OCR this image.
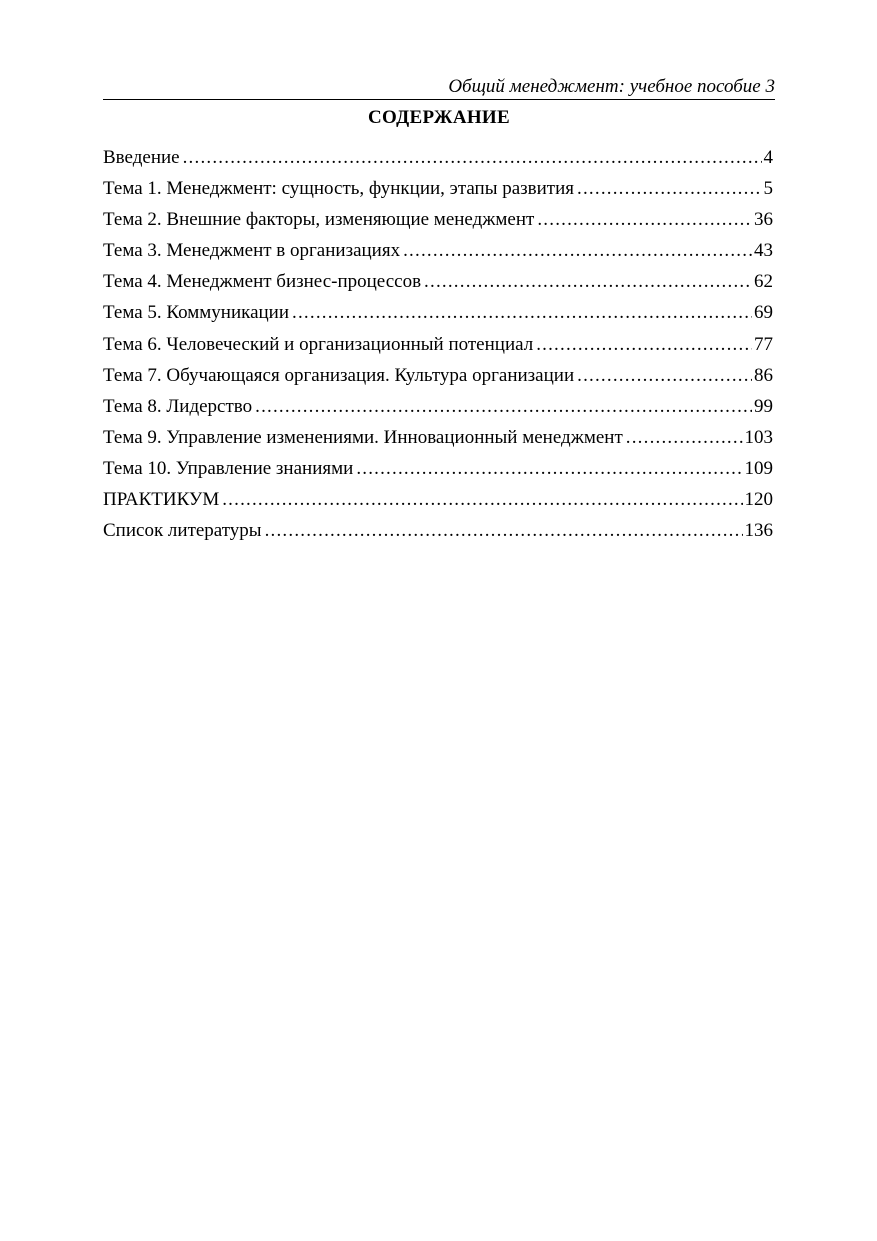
Общий менеджмент: учебное пособие 3
СОДЕРЖАНИЕ
Введение .....	4
Тема 1. Менеджмент: сущность, функции, этапы развития .....	5
Тема 2. Внешние факторы, изменяющие менеджмент .....	36
Тема 3. Менеджмент в организациях .....	43
Тема 4. Менеджмент бизнес-процессов .....	62
Тема 5. Коммуникации .....	69
Тема 6. Человеческий и организационный потенциал .....	77
Тема 7. Обучающаяся организация. Культура организации .....	86
Тема 8. Лидерство .....	99
Тема 9. Управление изменениями. Инновационный менеджмент .....	103
Тема 10. Управление знаниями .....	109
ПРАКТИКУМ .....	120
Список литературы .....	136
